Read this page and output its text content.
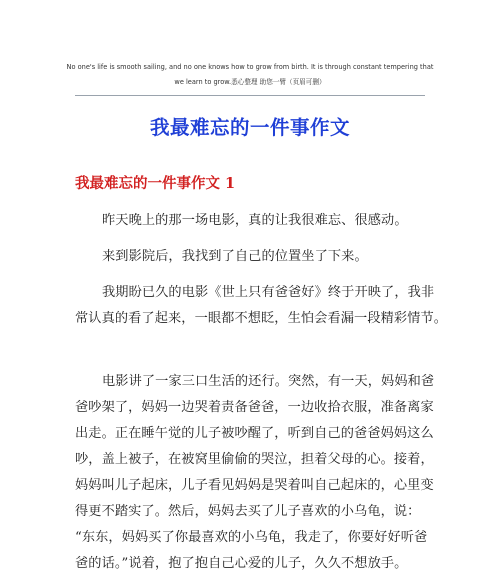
No one's life is smooth sailing, and no one knows how to grow from birth. It is through constant tempering that
we learn to grow.悉心整理 助您一臂（页眉可删）
我最难忘的一件事作文
我最难忘的一件事作文 1
昨天晚上的那一场电影，真的让我很难忘、很感动。
来到影院后，我找到了自己的位置坐了下来。
我期盼已久的电影《世上只有爸爸好》终于开映了，我非
常认真的看了起来，一眼都不想眨，生怕会看漏一段精彩情节。
电影讲了一家三口生活的还行。突然，有一天，妈妈和爸
爸吵架了，妈妈一边哭着责备爸爸，一边收拾衣服，准备离家
出走。正在睡午觉的儿子被吵醒了，听到自己的爸爸妈妈这么
吵，盖上被子，在被窝里偷偷的哭泣，担着父母的心。接着，
妈妈叫儿子起床，儿子看见妈妈是哭着叫自己起床的，心里变
得更不踏实了。然后，妈妈去买了儿子喜欢的小乌龟，说：
“东东，妈妈买了你最喜欢的小乌龟，我走了，你要好好听爸
爸的话。”说着，抱了抱自己心爱的儿子，久久不想放手。
